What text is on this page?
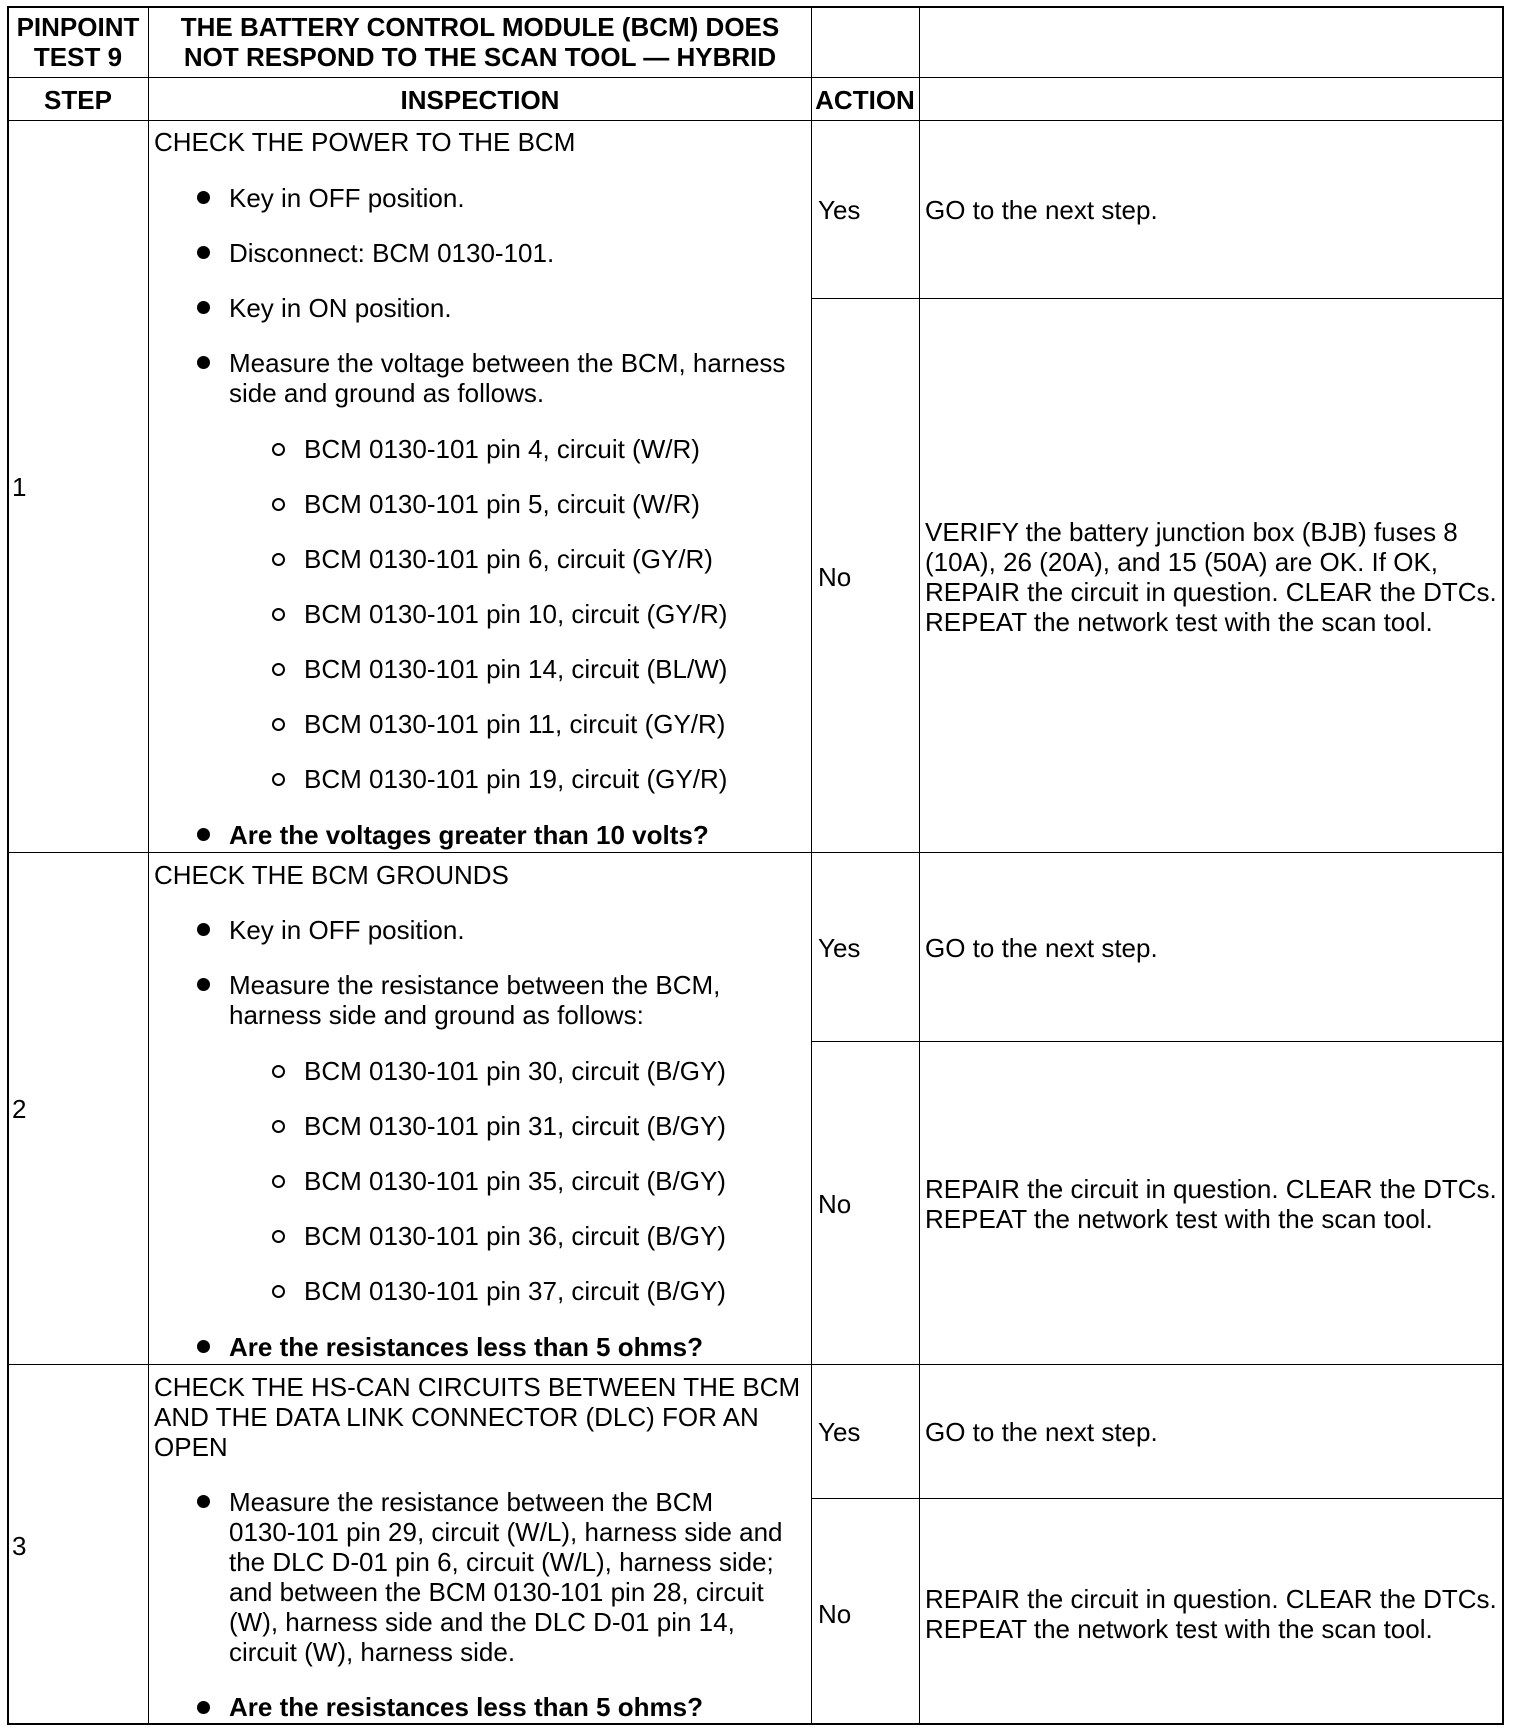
PINPOINT TEST 9
THE BATTERY CONTROL MODULE (BCM) DOES NOT RESPOND TO THE SCAN TOOL — HYBRID
STEP	INSPECTION	ACTION
1
CHECK THE POWER TO THE BCM
Key in OFF position.
Disconnect: BCM 0130-101.
Key in ON position.
Measure the voltage between the BCM, harness
side and ground as follows.
BCM 0130-101 pin 4, circuit (W/R)
BCM 0130-101 pin 5, circuit (W/R)
BCM 0130-101 pin 6, circuit (GY/R)
BCM 0130-101 pin 10, circuit (GY/R)
BCM 0130-101 pin 14, circuit (BL/W)
BCM 0130-101 pin 11, circuit (GY/R)
BCM 0130-101 pin 19, circuit (GY/R)
Are the voltages greater than 10 volts?
Yes GO to the next step.
No
VERIFY the battery junction box (BJB) fuses 8
(10A), 26 (20A), and 15 (50A) are OK. If OK,
REPAIR the circuit in question. CLEAR the DTCs.
REPEAT the network test with the scan tool.
2
CHECK THE BCM GROUNDS
Key in OFF position.
Measure the resistance between the BCM,
harness side and ground as follows:
BCM 0130-101 pin 30, circuit (B/GY)
BCM 0130-101 pin 31, circuit (B/GY)
BCM 0130-101 pin 35, circuit (B/GY)
BCM 0130-101 pin 36, circuit (B/GY)
BCM 0130-101 pin 37, circuit (B/GY)
Are the resistances less than 5 ohms?
Yes GO to the next step.
No	REPAIR the circuit in question. CLEAR the DTCs.
REPEAT the network test with the scan tool.
3
CHECK THE HS-CAN CIRCUITS BETWEEN THE BCM
AND THE DATA LINK CONNECTOR (DLC) FOR AN
OPEN
Measure the resistance between the BCM
0130-101 pin 29, circuit (W/L), harness side and
the DLC D-01 pin 6, circuit (W/L), harness side;
and between the BCM 0130-101 pin 28, circuit
(W), harness side and the DLC D-01 pin 14,
circuit (W), harness side.
Are the resistances less than 5 ohms?
Yes GO to the next step.
No	REPAIR the circuit in question. CLEAR the DTCs.
REPEAT the network test with the scan tool.
